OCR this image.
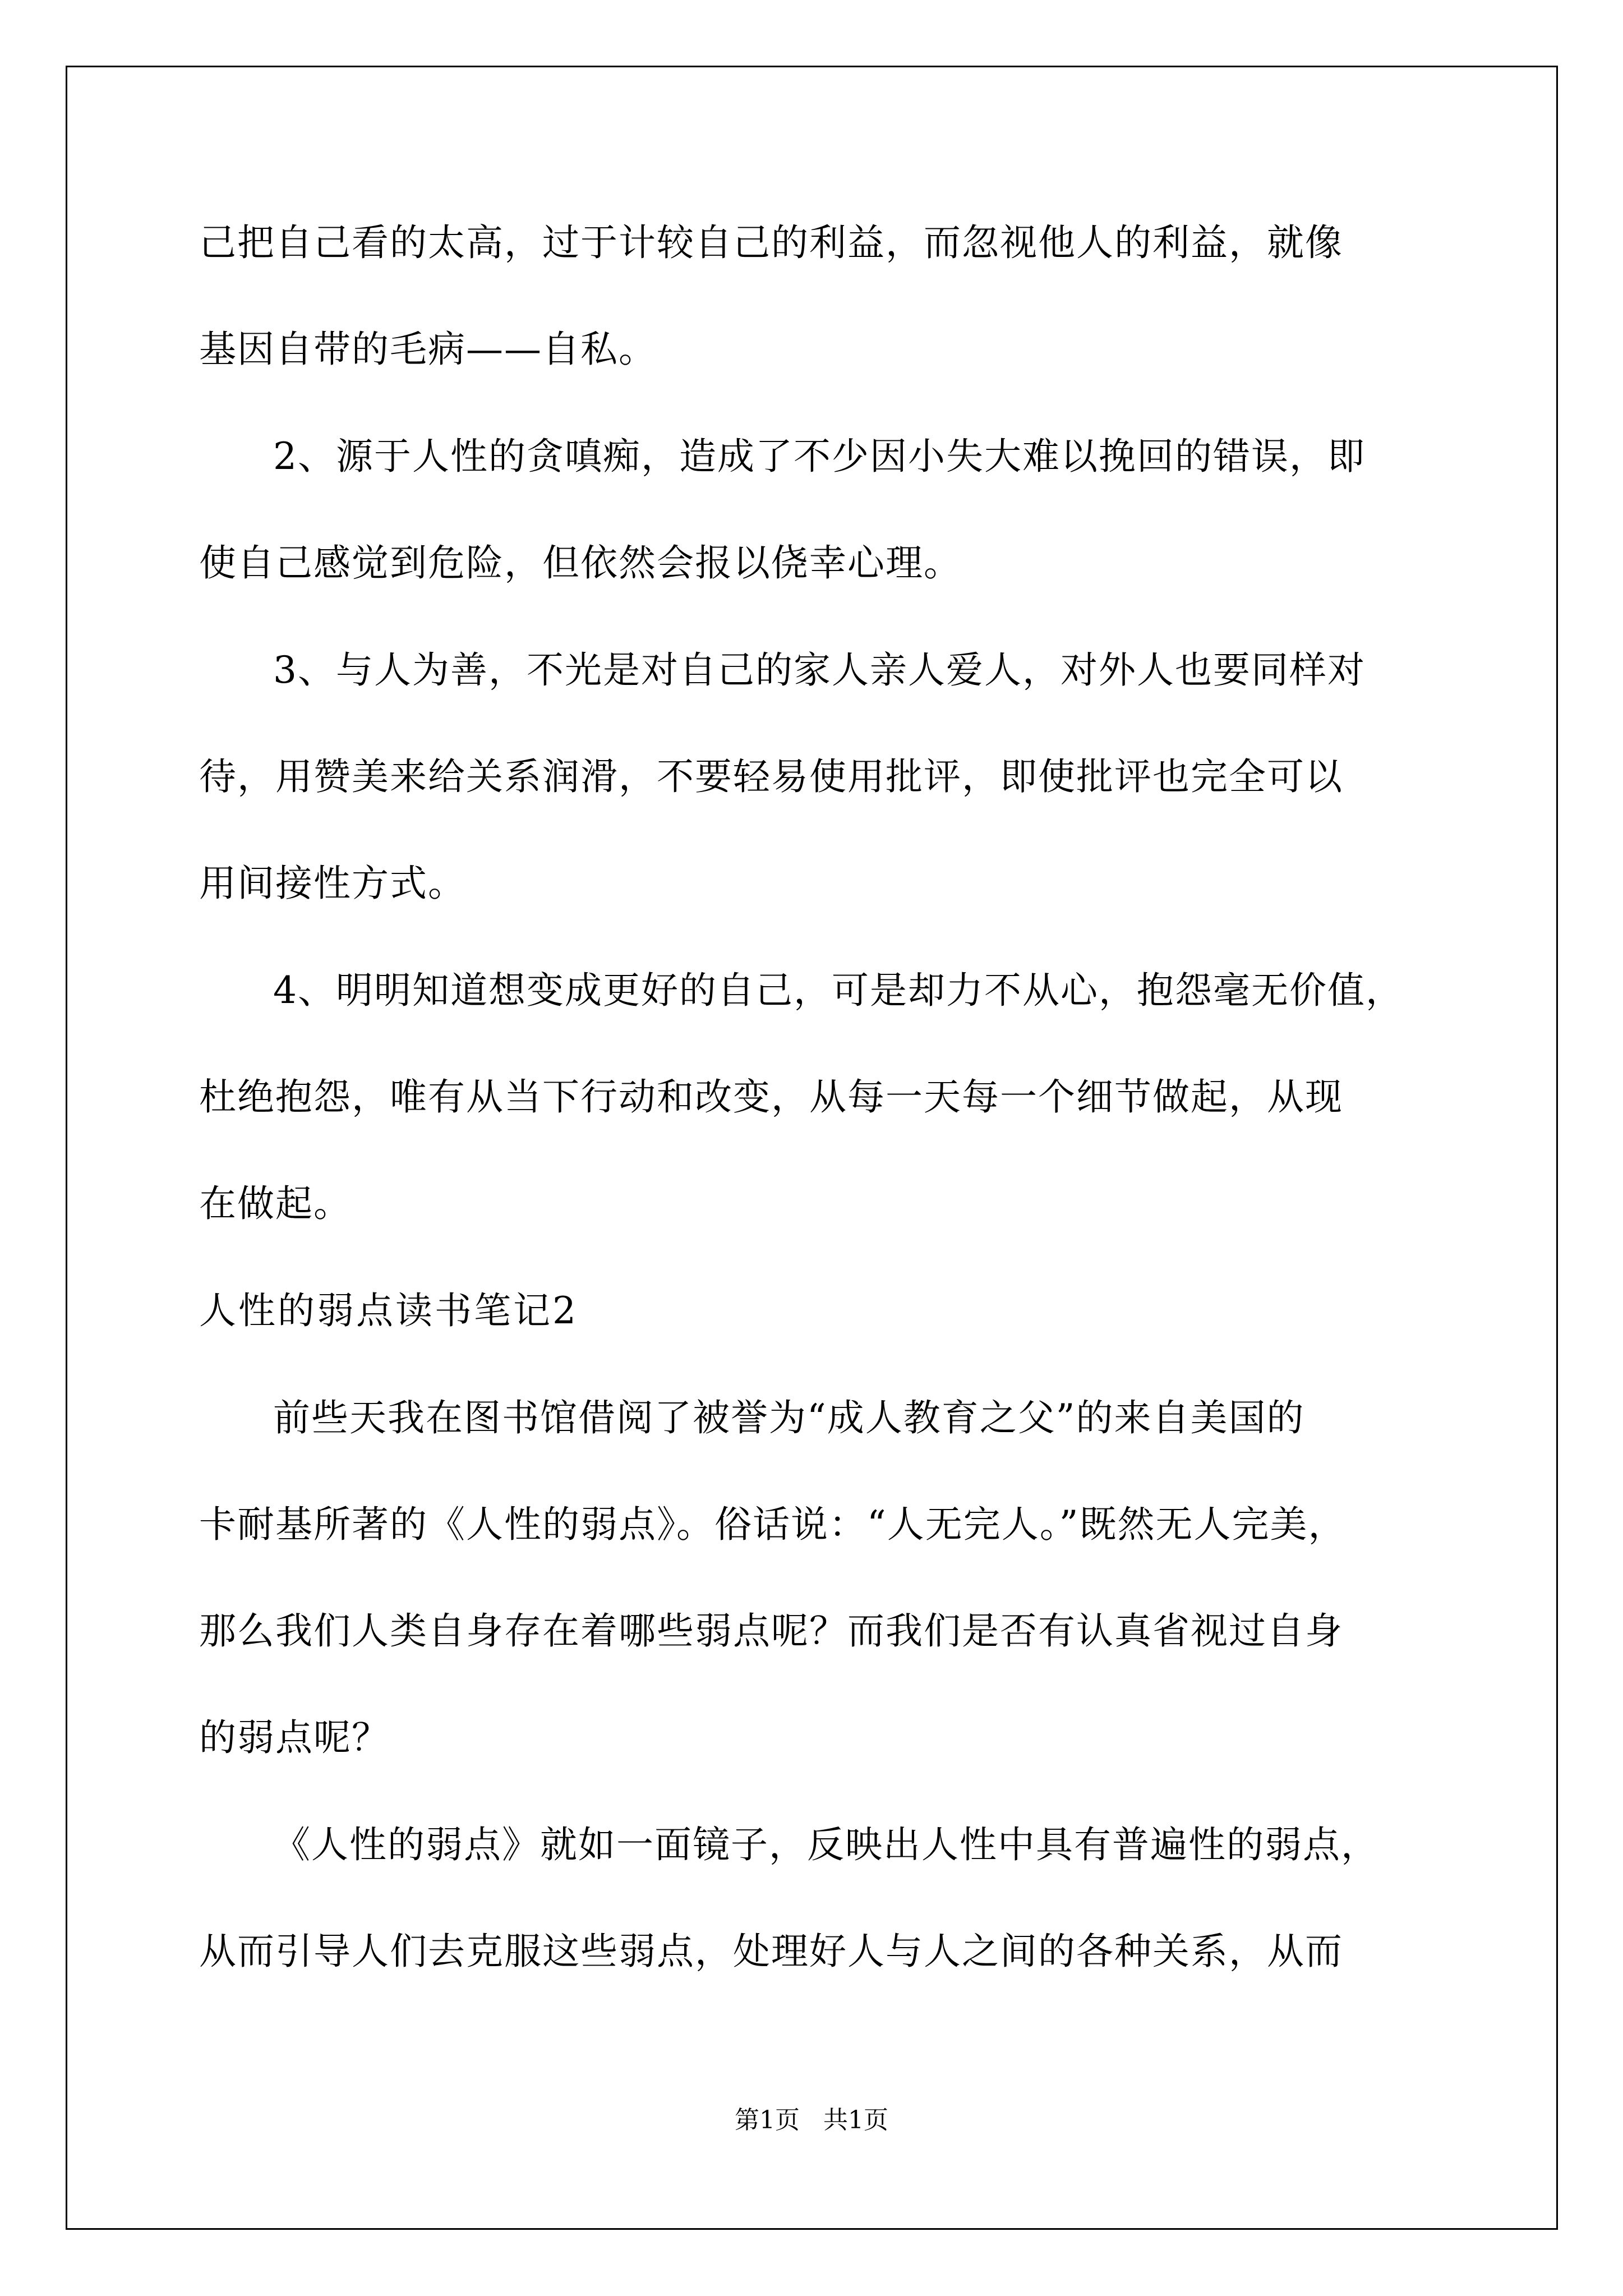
己把自己看的太高，过于计较自己的利益，而忽视他人的利益，就像
基因自带的毛病——自私。
2、源于人性的贪嗔痴，造成了不少因小失大难以挽回的错误，即
使自己感觉到危险，但依然会报以侥幸心理。
3、与人为善，不光是对自己的家人亲人爱人，对外人也要同样对
待，用赞美来给关系润滑，不要轻易使用批评，即使批评也完全可以
用间接性方式。
4、明明知道想变成更好的自己，可是却力不从心，抱怨毫无价值，
杜绝抱怨，唯有从当下行动和改变，从每一天每一个细节做起，从现
在做起。
人性的弱点读书笔记2
前些天我在图书馆借阅了被誉为“成人教育之父”的来自美国的
卡耐基所著的《人性的弱点》。俗话说：“人无完人。”既然无人完美，
那么我们人类自身存在着哪些弱点呢？而我们是否有认真省视过自身
的弱点呢？
《人性的弱点》就如一面镜子，反映出人性中具有普遍性的弱点，
从而引导人们去克服这些弱点，处理好人与人之间的各种关系，从而
第1页   共1页
